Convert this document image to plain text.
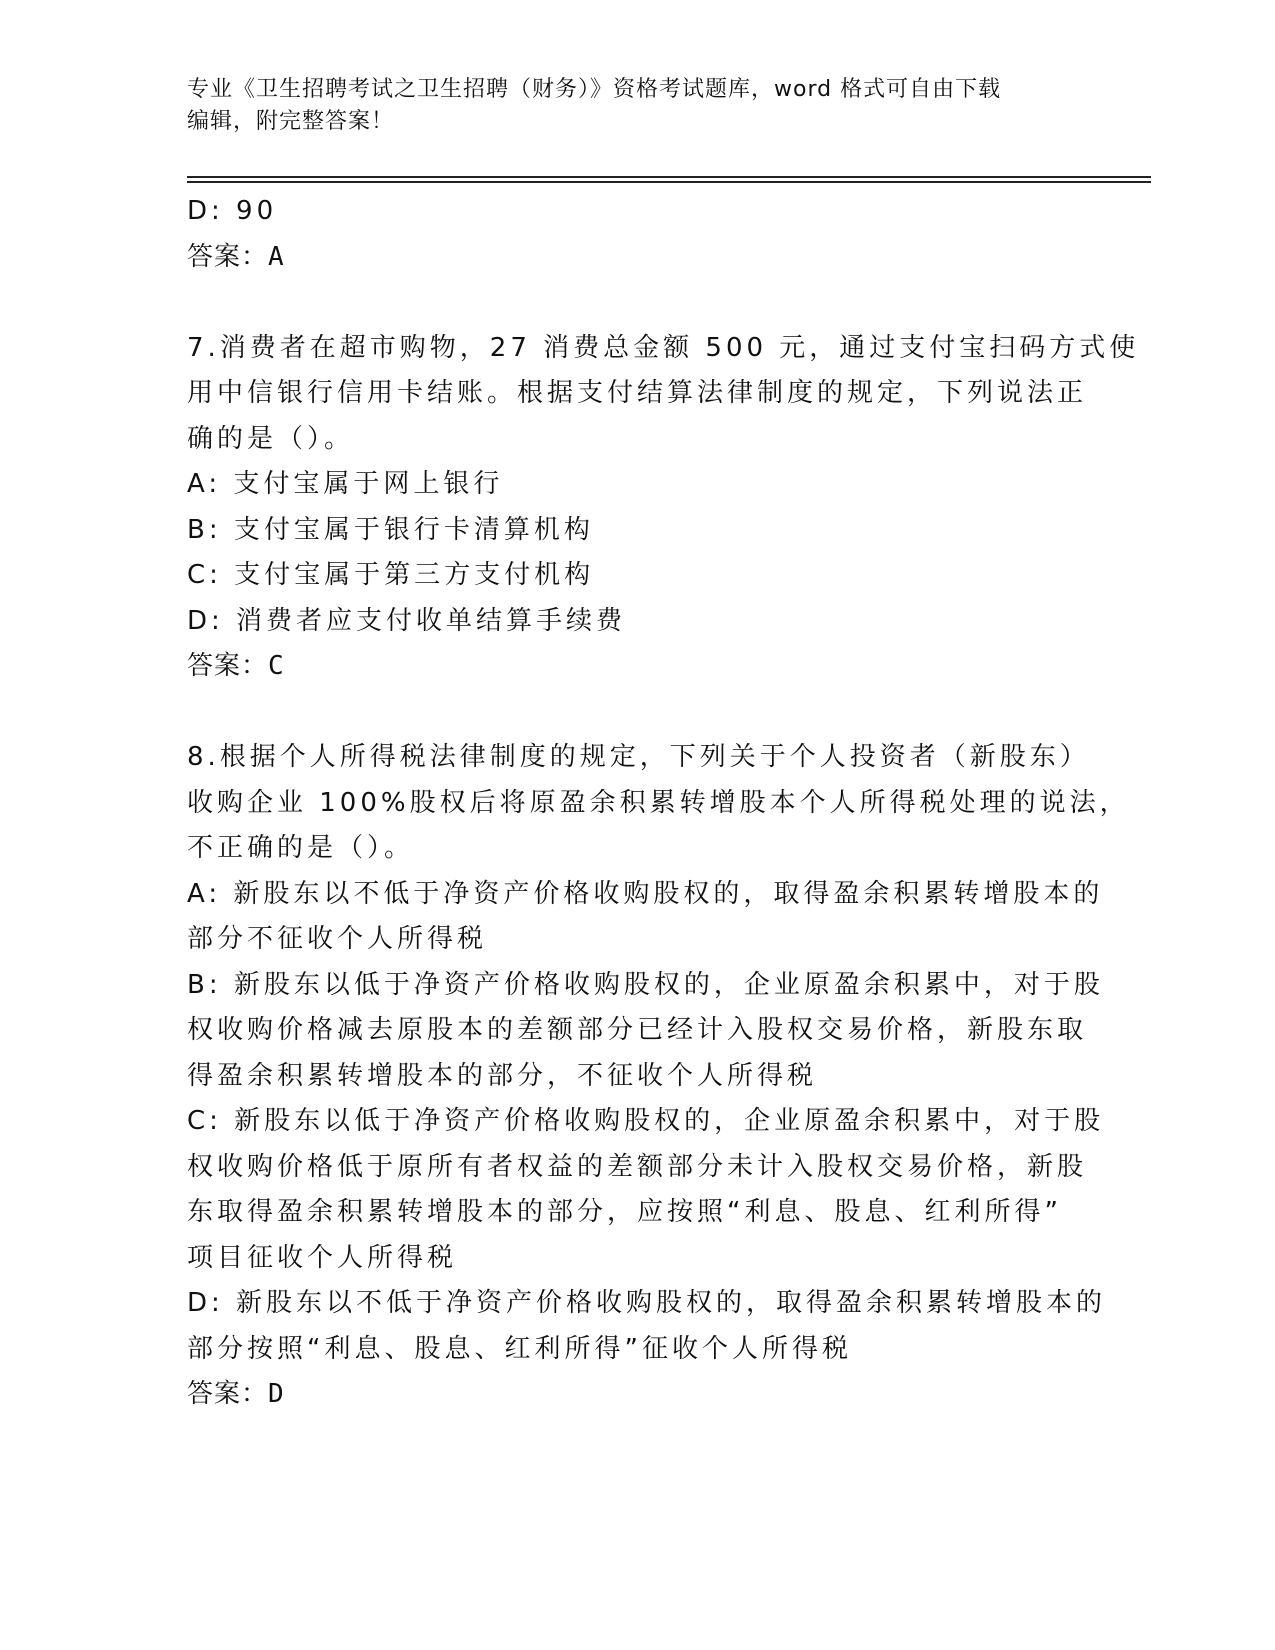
专业《卫生招聘考试之卫生招聘（财务）》资格考试题库，word 格式可自由下载
编辑，附完整答案！
D: 90
答案：A
7.消费者在超市购物，27 消费总金额 500 元，通过支付宝扫码方式使
用中信银行信用卡结账。根据支付结算法律制度的规定，下列说法正
确的是（）。
A: 支付宝属于网上银行
B: 支付宝属于银行卡清算机构
C: 支付宝属于第三方支付机构
D: 消费者应支付收单结算手续费
答案：C
8.根据个人所得税法律制度的规定，下列关于个人投资者（新股东）
收购企业 100%股权后将原盈余积累转增股本个人所得税处理的说法，
不正确的是（）。
A: 新股东以不低于净资产价格收购股权的，取得盈余积累转增股本的
部分不征收个人所得税
B: 新股东以低于净资产价格收购股权的，企业原盈余积累中，对于股
权收购价格减去原股本的差额部分已经计入股权交易价格，新股东取
得盈余积累转增股本的部分，不征收个人所得税
C: 新股东以低于净资产价格收购股权的，企业原盈余积累中，对于股
权收购价格低于原所有者权益的差额部分未计入股权交易价格，新股
东取得盈余积累转增股本的部分，应按照“利息、股息、红利所得”
项目征收个人所得税
D: 新股东以不低于净资产价格收购股权的，取得盈余积累转增股本的
部分按照“利息、股息、红利所得”征收个人所得税
答案：D
